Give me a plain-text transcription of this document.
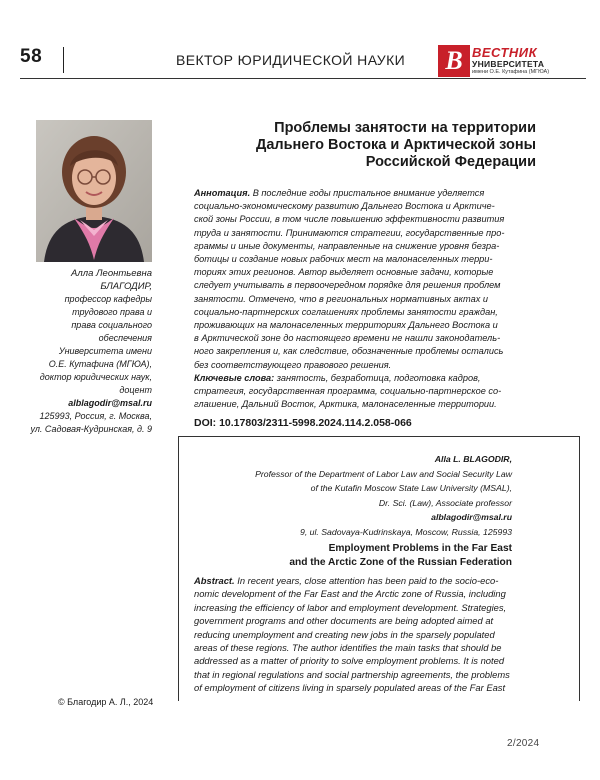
58	ВЕКТОР ЮРИДИЧЕСКОЙ НАУКИ В ВЕСТНИК
УНИВЕРСИТЕТА
имени О.Е. Кутафина (МГЮА)
Проблемы занятости на территории
Дальнего Востока и Арктической зоны
Российской Федерации
Алла Леонтьевна
БЛАГОДИР,
профессор кафедры
трудового права и
права социального
обеспечения
Университета имени
О.Е. Кутафина (МГЮА),
доктор юридических наук,
доцент
alblagodir@msal.ru
125993, Россия, г. Москва,
ул. Садовая-Кудринская, д. 9
Аннотация. В последние годы пристальное внимание уделяется
социально-экономическому развитию Дальнего Востока и Арктиче-
ской зоны России, в том числе повышению эффективности развития
труда и занятости. Принимаются стратегии, государственные про-
граммы и иные документы, направленные на снижение уровня безра-
ботицы и создание новых рабочих мест на малонаселенных терри-
ториях этих регионов. Автор выделяет основные задачи, которые
следует учитывать в первоочередном порядке для решения проблем
занятости. Отмечено, что в региональных нормативных актах и
социально-партнерских соглашениях проблемы занятости граждан,
проживающих на малонаселенных территориях Дальнего Востока и
в Арктической зоне до настоящего времени не нашли законодатель-
ного закрепления и, как следствие, обозначенные проблемы остались
без соответствующего правового решения.
Ключевые слова: занятость, безработица, подготовка кадров,
стратегия, государственная программа, социально-партнерское со-
глашение, Дальний Восток, Арктика, малонаселенные территории.
DOI: 10.17803/2311-5998.2024.114.2.058-066
Alla L. BLAGODIR,
Professor of the Department of Labor Law and Social Security Law
of the Kutafin Moscow State Law University (MSAL),
Dr. Sci. (Law), Associate professor
alblagodir@msal.ru
9, ul. Sadovaya-Kudrinskaya, Moscow, Russia, 125993
Employment Problems in the Far East
and the Arctic Zone of the Russian Federation
Abstract. In recent years, close attention has been paid to the socio-eco-
nomic development of the Far East and the Arctic zone of Russia, including
increasing the efficiency of labor and employment development. Strategies,
government programs and other documents are being adopted aimed at
reducing unemployment and creating new jobs in the sparsely populated
areas of these regions. The author identifies the main tasks that should be
addressed as a matter of priority to solve employment problems. It is noted
that in regional regulations and social partnership agreements, the problems
of employment of citizens living in sparsely populated areas of the Far East
© Благодир А. Л., 2024
2/2024
